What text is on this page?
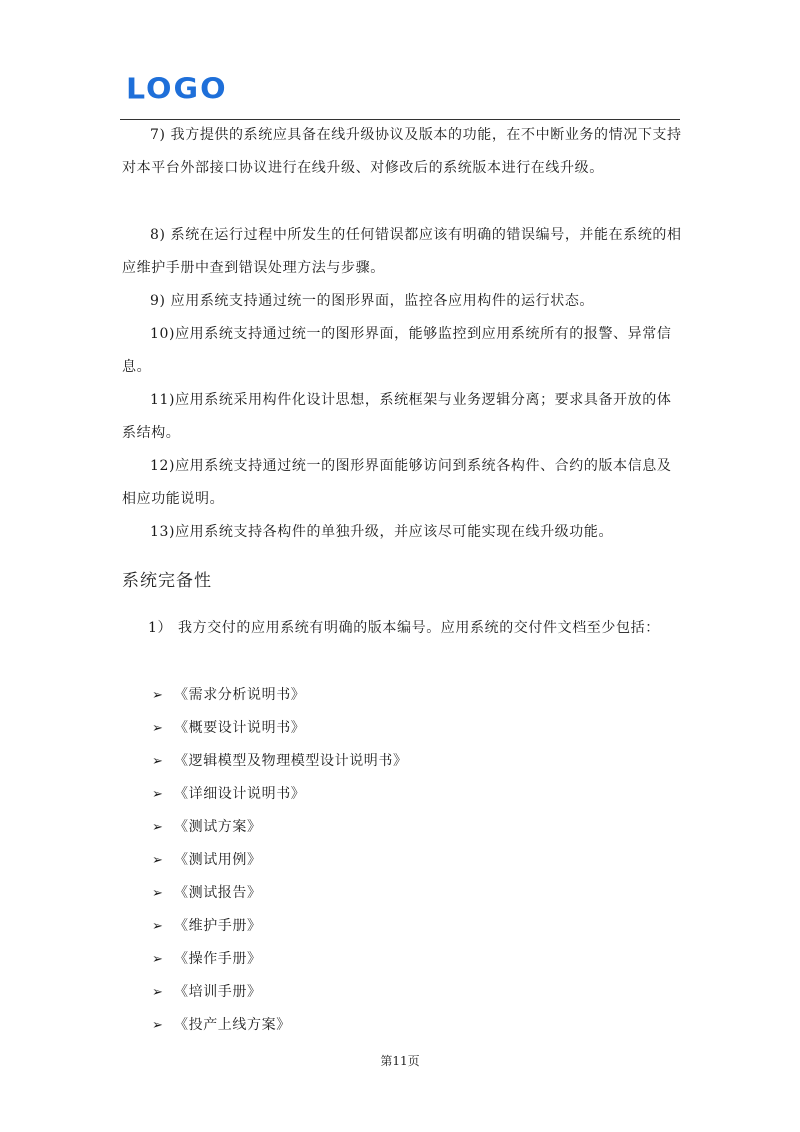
LOGO
7) 我方提供的系统应具备在线升级协议及版本的功能，在不中断业务的情况下支持对本平台外部接口协议进行在线升级、对修改后的系统版本进行在线升级。
8) 系统在运行过程中所发生的任何错误都应该有明确的错误编号，并能在系统的相应维护手册中查到错误处理方法与步骤。
9) 应用系统支持通过统一的图形界面，监控各应用构件的运行状态。
10)应用系统支持通过统一的图形界面，能够监控到应用系统所有的报警、异常信息。
11)应用系统采用构件化设计思想，系统框架与业务逻辑分离；要求具备开放的体系结构。
12)应用系统支持通过统一的图形界面能够访问到系统各构件、合约的版本信息及相应功能说明。
13)应用系统支持各构件的单独升级，并应该尽可能实现在线升级功能。
系统完备性
1） 我方交付的应用系统有明确的版本编号。应用系统的交付件文档至少包括：
➢ 《需求分析说明书》
➢ 《概要设计说明书》
➢ 《逻辑模型及物理模型设计说明书》
➢ 《详细设计说明书》
➢ 《测试方案》
➢ 《测试用例》
➢ 《测试报告》
➢ 《维护手册》
➢ 《操作手册》
➢ 《培训手册》
➢ 《投产上线方案》
第11页
